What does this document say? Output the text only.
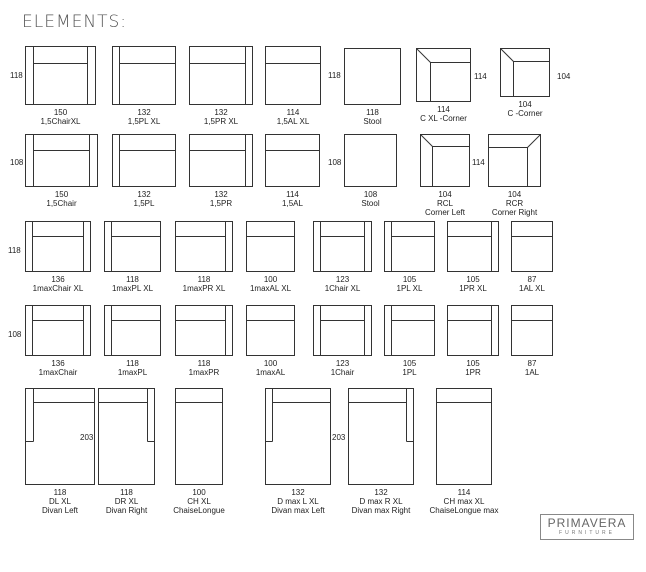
ELEMENTS:
150
1,5ChairXL
132
1,5PL XL
132
1,5PR XL
114
1,5AL XL
118
Stool
114
C XL -Corner
104
C -Corner
150
1,5Chair
132
1,5PL
132
1,5PR
114
1,5AL
108
Stool
104
RCL
Corner Left
104
RCR
Corner Right
136
1maxChair XL
118
1maxPL XL
118
1maxPR XL
100
1maxAL XL
123
1Chair XL
105
1PL XL
105
1PR XL
87
1AL XL
136
1maxChair
118
1maxPL
118
1maxPR
100
1maxAL
123
1Chair
105
1PL
105
1PR
87
1AL
118
DL XL
Divan Left
118
DR XL
Divan Right
100
CH XL
ChaiseLongue
132
D max L XL
Divan max Left
132
D max R XL
Divan max Right
114
CH max XL
ChaiseLongue max
118
108
118
108
203
118	114	104
108	114
203
PRIMAVERA
FURNITURE
